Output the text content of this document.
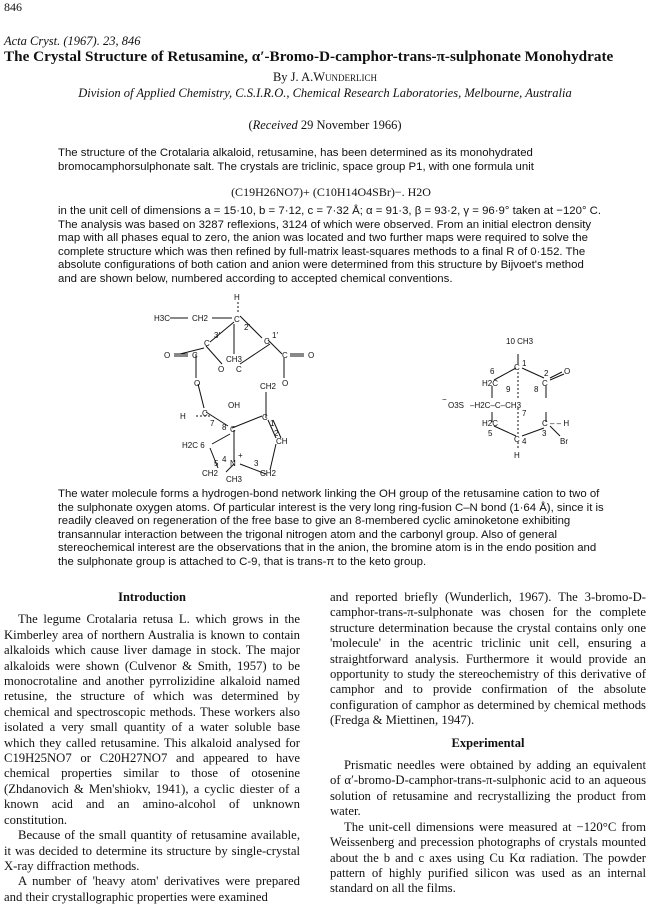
846
Acta Cryst. (1967). 23, 846
The Crystal Structure of Retusamine, α′-Bromo-D-camphor-trans-π-sulphonate Monohydrate
By J. A.Wunderlich
Division of Applied Chemistry, C.S.I.R.O., Chemical Research Laboratories, Melbourne, Australia
(Received 29 November 1966)
The structure of the Crotalaria alkaloid, retusamine, has been determined as its monohydrated bromocamphorsulphonate salt. The crystals are triclinic, space group P1, with one formula unit
(C19H26NO7)+ (C10H14O4SBr)−. H2O
in the unit cell of dimensions a = 15·10, b = 7·12, c = 7·32 Å; α = 91·3, β = 93·2, γ = 96·9° taken at −120° C. The analysis was based on 3287 reflexions, 3124 of which were observed. From an initial electron density map with all phases equal to zero, the anion was located and two further maps were required to solve the complete structure which was then refined by full-matrix least-squares methods to a final R of 0·152. The absolute configurations of both cation and anion were determined from this structure by Bijvoet's method and are shown below, numbered according to accepted chemical conventions.
H3C	CH2
H
C
3′
C
2′
C
1′
CH3
O	C
O C
C	O
O	O
CH2
H C
7
OH
C
8
C
1
H2C 6	CH
2
N
4 +
5	3
CH2	CH2
CH3
10 CH3
C 1
C
2 O
6
H2C
9	8
−
O3S –H2C–C–CH3
7
H2C
5
C – – H
3
C 4	Br
H
The water molecule forms a hydrogen-bond network linking the OH group of the retusamine cation to two of the sulphonate oxygen atoms. Of particular interest is the very long ring-fusion C–N bond (1·64 Å), since it is readily cleaved on regeneration of the free base to give an 8-membered cyclic aminoketone exhibiting transannular interaction between the trigonal nitrogen atom and the carbonyl group. Also of general stereochemical interest are the observations that in the anion, the bromine atom is in the endo position and the sulphonate group is attached to C-9, that is trans-π to the keto group.

Introduction

The legume Crotalaria retusa L. which grows in the Kimberley area of northern Australia is known to contain alkaloids which cause liver damage in stock. The major alkaloids were shown (Culvenor & Smith, 1957) to be monocrotaline and another pyrrolizidine alkaloid named retusine, the structure of which was determined by chemical and spectroscopic methods. These workers also isolated a very small quantity of a water soluble base which they called retusamine. This alkaloid analysed for C19H25NO7 or C20H27NO7 and appeared to have chemical properties similar to those of otosenine (Zhdanovich & Men'shiokv, 1941), a cyclic diester of a known acid and an amino-alcohol of unknown constitution.

Because of the small quantity of retusamine available, it was decided to determine its structure by single-crystal X-ray diffraction methods.

A number of 'heavy atom' derivatives were prepared and their crystallographic properties were examined

and reported briefly (Wunderlich, 1967). The 3-bromo-D-camphor-trans-π-sulphonate was chosen for the complete structure determination because the crystal contains only one 'molecule' in the acentric triclinic unit cell, ensuring a straightforward analysis. Furthermore it would provide an opportunity to study the stereochemistry of this derivative of camphor and to provide confirmation of the absolute configuration of camphor as determined by chemical methods (Fredga & Miettinen, 1947).

Experimental

Prismatic needles were obtained by adding an equivalent of α′-bromo-D-camphor-trans-π-sulphonic acid to an aqueous solution of retusamine and recrystallizing the product from water.

The unit-cell dimensions were measured at −120°C from Weissenberg and precession photographs of crystals mounted about the b and c axes using Cu Kα radiation. The powder pattern of highly purified silicon was used as an internal standard on all the films.
